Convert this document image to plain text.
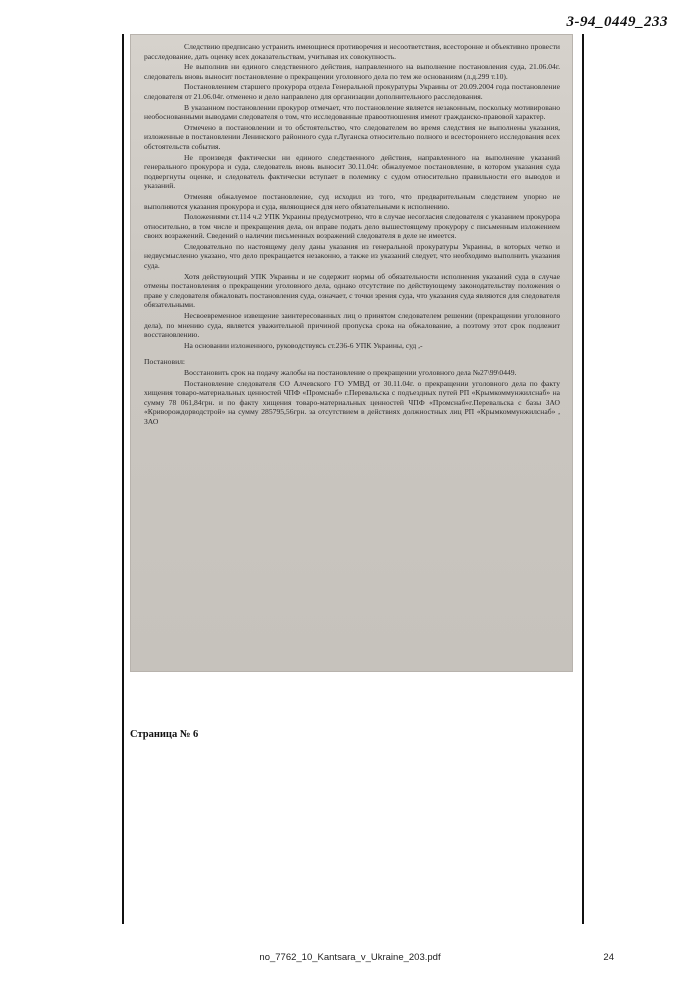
3-94_0449_233

Следствию предписано устранить имеющиеся противоречия и несоответствия, всесторонне и объективно провести расследование, дать оценку всех доказательствам, учитывая их совокупность.

Не выполнив ни единого следственного действия, направленного на выполнение постановления суда, 21.06.04г. следователь вновь выносит постановление о прекращении уголовного дела по тем же основаниям (л.д.299 т.10).

Постановлением старшего прокурора отдела Генеральной прокуратуры Украины от 20.09.2004 года постановление следователя от 21.06.04г. отменено и дело направлено для организации дополнительного расследования.

В указанном постановлении прокурор отмечает, что постановление является незаконным, поскольку мотивировано необоснованными выводами следователя о том, что исследованные правоотношения имеют гражданско-правовой характер.

Отмечено в постановлении и то обстоятельство, что следователем во время следствия не выполнены указания, изложенные в постановлении Ленинского районного суда г.Луганска относительно полного и всестороннего исследования всех обстоятельств события.

Не произведя фактически ни единого следственного действия, направленного на выполнение указаний генерального прокурора и суда, следователь вновь выносит 30.11.04г. обжалуемое постановление, в котором указания суда подвергнуты оценке, и следователь фактически вступает в полемику с судом относительно правильности его выводов и указаний.

Отменяя обжалуемое постановление, суд исходил из того, что предварительным следствием упорно не выполняются указания прокурора и суда, являющиеся для него обязательными к исполнению.

Положениями ст.114 ч.2 УПК Украины предусмотрено, что в случае несогласия следователя с указанием прокурора относительно, в том числе и прекращения дела, он вправе подать дело вышестоящему прокурору с письменным изложением своих возражений. Сведений о наличии письменных возражений следователя в деле не имеется.

Следовательно по настоящему делу даны указания из генеральной прокуратуры Украины, в которых четко и недвусмысленно указано, что дело прекращается незаконно, а также из указаний следует, что необходимо выполнить указания суда.

Хотя действующий УПК Украины и не содержит нормы об обязательности исполнения указаний суда в случае отмены постановления о прекращении уголовного дела, однако отсутствие по действующему законодательству положения о праве у следователя обжаловать постановления суда, означает, с точки зрения суда, что указания суда являются для следователя обязательными.

Несвоевременное извещение заинтересованных лиц о принятом следователем решении (прекращении уголовного дела), по мнению суда, является уважительной причиной пропуска срока на обжалование, а поэтому этот срок подлежит восстановлению.

На основании изложенного, руководствуясь ст.236-6 УПК Украины, суд ,-

Постановил:

Восстановить срок на подачу жалобы на постановление о прекращении уголовного дела №27\99\0449.

Постановление следователя СО Алчевского ГО УМВД от 30.11.04г. о прекращении уголовного дела по факту хищения товаро-материальных ценностей ЧПФ «Промснаб» г.Перевальска с подъездных путей РП «Крымкоммунжилснаб» на сумму 78 061,84грн. и по факту хищения товаро-материальных ценностей ЧПФ «Промснаб»г.Перевальска с базы ЗАО «Криворождорводстрой» на сумму 285795,56грн. за отсутствием в действиях должностных лиц РП «Крымкоммунжилснаб» , ЗАО

Страница № 6
no_7762_10_Kantsara_v_Ukraine_203.pdf	24
